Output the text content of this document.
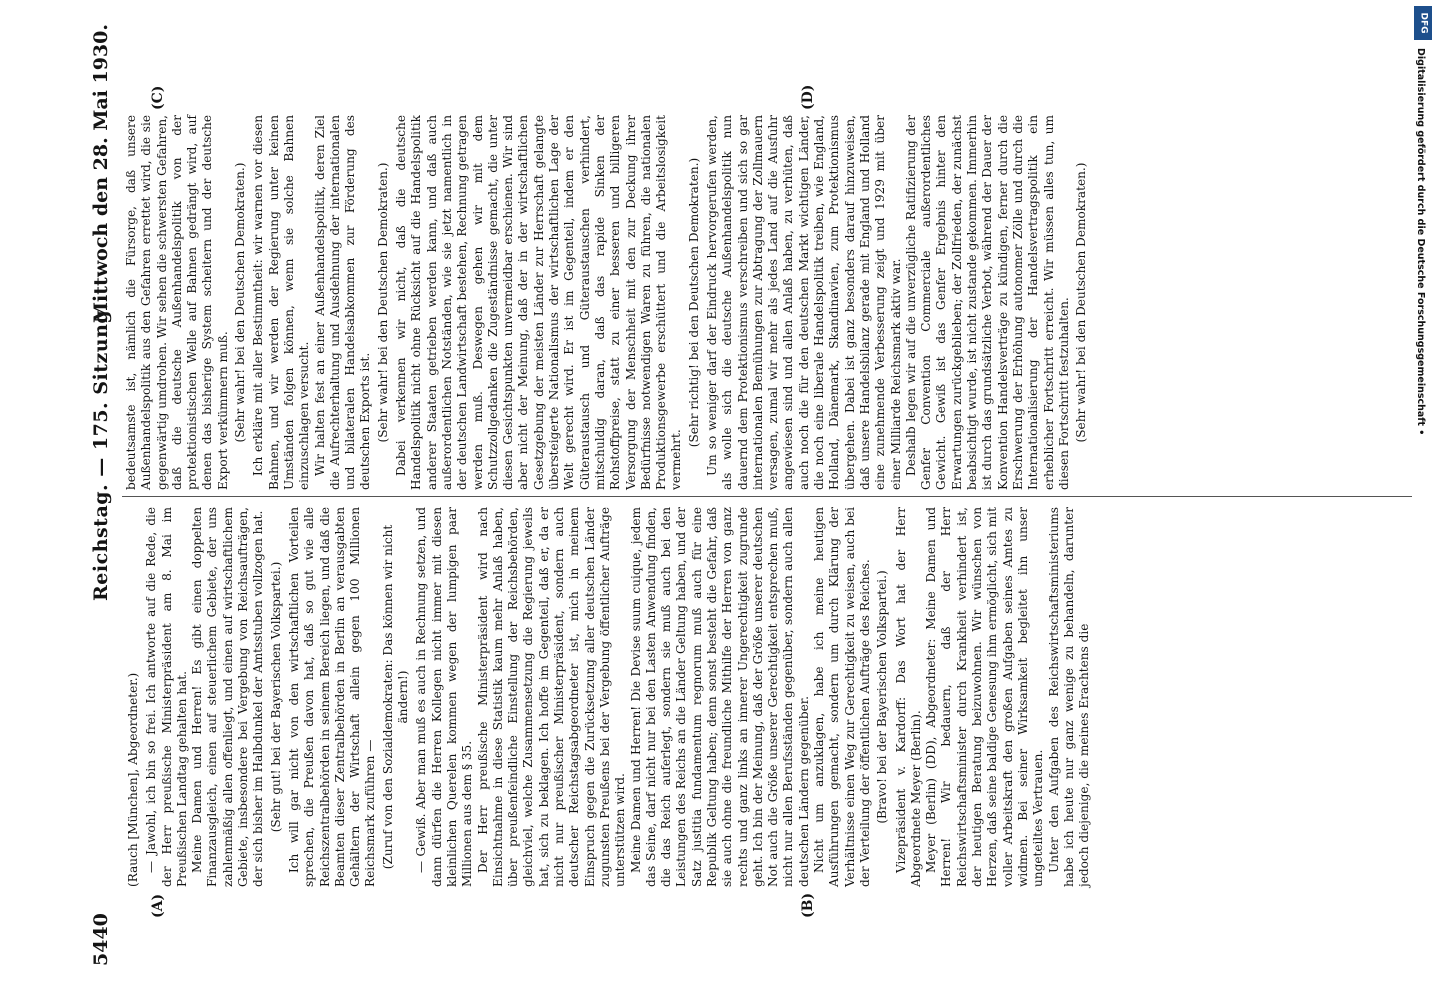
5440
Reichstag. — 175. Sitzung.
Mittwoch den 28. Mai 1930.
(A)	(B)
(C)	(D)

(Rauch [München], Abgeordneter.) — Jawohl, ich bin so frei. Ich antworte auf die Rede, die der Herr preußische Ministerpräsident am 8. Mai im Preußischen Landtag gehalten hat. Meine Damen und Herren! Es gibt einen doppelten Finanzausgleich, einen auf steuerlichem Gebiete, der uns zahlenmäßig allen offenliegt, und einen auf wirtschaftlichem Gebiete, insbesondere bei Vergebung von Reichsaufträgen, der sich bisher im Halbdunkel der Amtsstuben vollzogen hat. (Sehr gut! bei der Bayerischen Volkspartei.) Ich will gar nicht von den wirtschaftlichen Vorteilen sprechen, die Preußen davon hat, daß so gut wie alle Reichszentralbehörden in seinem Bereich liegen, und daß die Beamten dieser Zentralbehörden in Berlin an verausgabten Gehältern der Wirtschaft allein gegen 100 Millionen Reichsmark zuführen — (Zuruf von den Sozialdemokraten: Das können wir nicht ändern!) — Gewiß. Aber man muß es auch in Rechnung setzen, und dann dürfen die Herren Kollegen nicht immer mit diesen kleinlichen Querelen kommen wegen der lumpigen paar Millionen aus dem § 35. Der Herr preußische Ministerpräsident wird nach Einsichtnahme in diese Statistik kaum mehr Anlaß haben, über preußenfeindliche Einstellung der Reichsbehörden, gleichviel, welche Zusammensetzung die Regierung jeweils hat, sich zu beklagen. Ich hoffe im Gegenteil, daß er, da er nicht nur preußischer Ministerpräsident, sondern auch deutscher Reichstagsabgeordneter ist, mich in meinem Einspruch gegen die Zurücksetzung aller deutschen Länder zugunsten Preußens bei der Vergebung öffentlicher Aufträge unterstützen wird. Meine Damen und Herren! Die Devise suum cuique, jedem das Seine, darf nicht nur bei den Lasten Anwendung finden, die das Reich auferlegt, sondern sie muß auch bei den Leistungen des Reichs an die Länder Geltung haben, und der Satz justitia fundamentum regnorum muß auch für eine Republik Geltung haben; denn sonst besteht die Gefahr, daß sie auch ohne die freundliche Mithilfe der Herren von ganz rechts und ganz links an innerer Ungerechtigkeit zugrunde geht. Ich bin der Meinung, daß der Größe unserer deutschen Not auch die Größe unserer Gerechtigkeit entsprechen muß, nicht nur allen Berufsständen gegenüber, sondern auch allen deutschen Ländern gegenüber. Nicht um anzuklagen, habe ich meine heutigen Ausführungen gemacht, sondern um durch Klärung der Verhältnisse einen Weg zur Gerechtigkeit zu weisen, auch bei der Verteilung der öffentlichen Aufträge des Reiches. (Bravo! bei der Bayerischen Volkspartei.) Vizepräsident v. Kardorff: Das Wort hat der Herr Abgeordnete Meyer (Berlin). Meyer (Berlin) (DD), Abgeordneter: Meine Damen und Herren! Wir bedauern, daß der Herr Reichswirtschaftsminister durch Krankheit verhindert ist, der heutigen Beratung beizuwohnen. Wir wünschen von Herzen, daß seine baldige Genesung ihm ermöglicht, sich mit voller Arbeitskraft den großen Aufgaben seines Amtes zu widmen. Bei seiner Wirksamkeit begleitet ihn unser ungeteiltes Vertrauen. Unter den Aufgaben des Reichswirtschaftsministeriums habe ich heute nur ganz wenige zu behandeln, darunter jedoch diejenige, die meines Erachtens die

bedeutsamste ist, nämlich die Fürsorge, daß unsere Außenhandelspolitik aus den Gefahren errettet wird, die sie gegenwärtig umdrohen. Wir sehen die schwersten Gefahren, daß die deutsche Außenhandelspolitik von der protektionistischen Welle auf Bahnen gedrängt wird, auf denen das bisherige System scheitern und der deutsche Export verkümmern muß. (Sehr wahr! bei den Deutschen Demokraten.) Ich erkläre mit aller Bestimmtheit: wir warnen vor diesen Bahnen, und wir werden der Regierung unter keinen Umständen folgen können, wenn sie solche Bahnen einzuschlagen versucht. Wir halten fest an einer Außenhandelspolitik, deren Ziel die Aufrechterhaltung und Ausdehnung der internationalen und bilateralen Handelsabkommen zur Förderung des deutschen Exports ist. (Sehr wahr! bei den Deutschen Demokraten.) Dabei verkennen wir nicht, daß die deutsche Handelspolitik nicht ohne Rücksicht auf die Handelspolitik anderer Staaten getrieben werden kann, und daß auch außerordentlichen Notständen, wie sie jetzt namentlich in der deutschen Landwirtschaft bestehen, Rechnung getragen werden muß. Deswegen gehen wir mit dem Schutzzollgedanken die Zugeständnisse gemacht, die unter diesen Gesichtspunkten unvermeidbar erschienen. Wir sind aber nicht der Meinung, daß der in der wirtschaftlichen Gesetzgebung der meisten Länder zur Herrschaft gelangte übersteigerte Nationalismus der wirtschaftlichen Lage der Welt gerecht wird. Er ist im Gegenteil, indem er den Güteraustausch und Güteraustauschen verhindert, mitschuldig daran, daß das rapide Sinken der Rohstoffpreise, statt zu einer besseren und billigeren Versorgung der Menschheit mit den zur Deckung ihrer Bedürfnisse notwendigen Waren zu führen, die nationalen Produktionsgewerbe erschüttert und die Arbeitslosigkeit vermehrt.

(Sehr richtig! bei den Deutschen Demokraten.) Um so weniger darf der Eindruck hervorgerufen werden, als wolle sich die deutsche Außenhandelspolitik nun dauernd dem Protektionismus verschreiben und sich so gar internationalen Bemühungen zur Abtragung der Zollmauern versagen, zumal wir mehr als jedes Land auf die Ausfuhr angewiesen sind und allen Anlaß haben, zu verhüten, daß auch noch die für den deutschen Markt wichtigen Länder, die noch eine liberale Handelspolitik treiben, wie England, Holland, Dänemark, Skandinavien, zum Protektionismus übergehen. Dabei ist ganz besonders darauf hinzuweisen, daß unsere Handelsbilanz gerade mit England und Holland eine zunehmende Verbesserung zeigt und 1929 mit über einer Milliarde Reichsmark aktiv war. Deshalb legen wir auf die unverzügliche Ratifizierung der Genfer Convention Commerciale außerordentliches Gewicht. Gewiß ist das Genfer Ergebnis hinter den Erwartungen zurückgeblieben; der Zollfrieden, der zunächst beabsichtigt wurde, ist nicht zustande gekommen. Immerhin ist durch das grundsätzliche Verbot, während der Dauer der Konvention Handelsverträge zu kündigen, ferner durch die Erschwerung der Erhöhung autonomer Zölle und durch die Internationalisierung der Handelsvertragspolitik ein erheblicher Fortschritt erreicht. Wir müssen alles tun, um diesen Fortschritt festzuhalten. (Sehr wahr! bei den Deutschen Demokraten.)

DFG
Digitalisierung gefördert durch die Deutsche Forschungsgemeinschaft •
